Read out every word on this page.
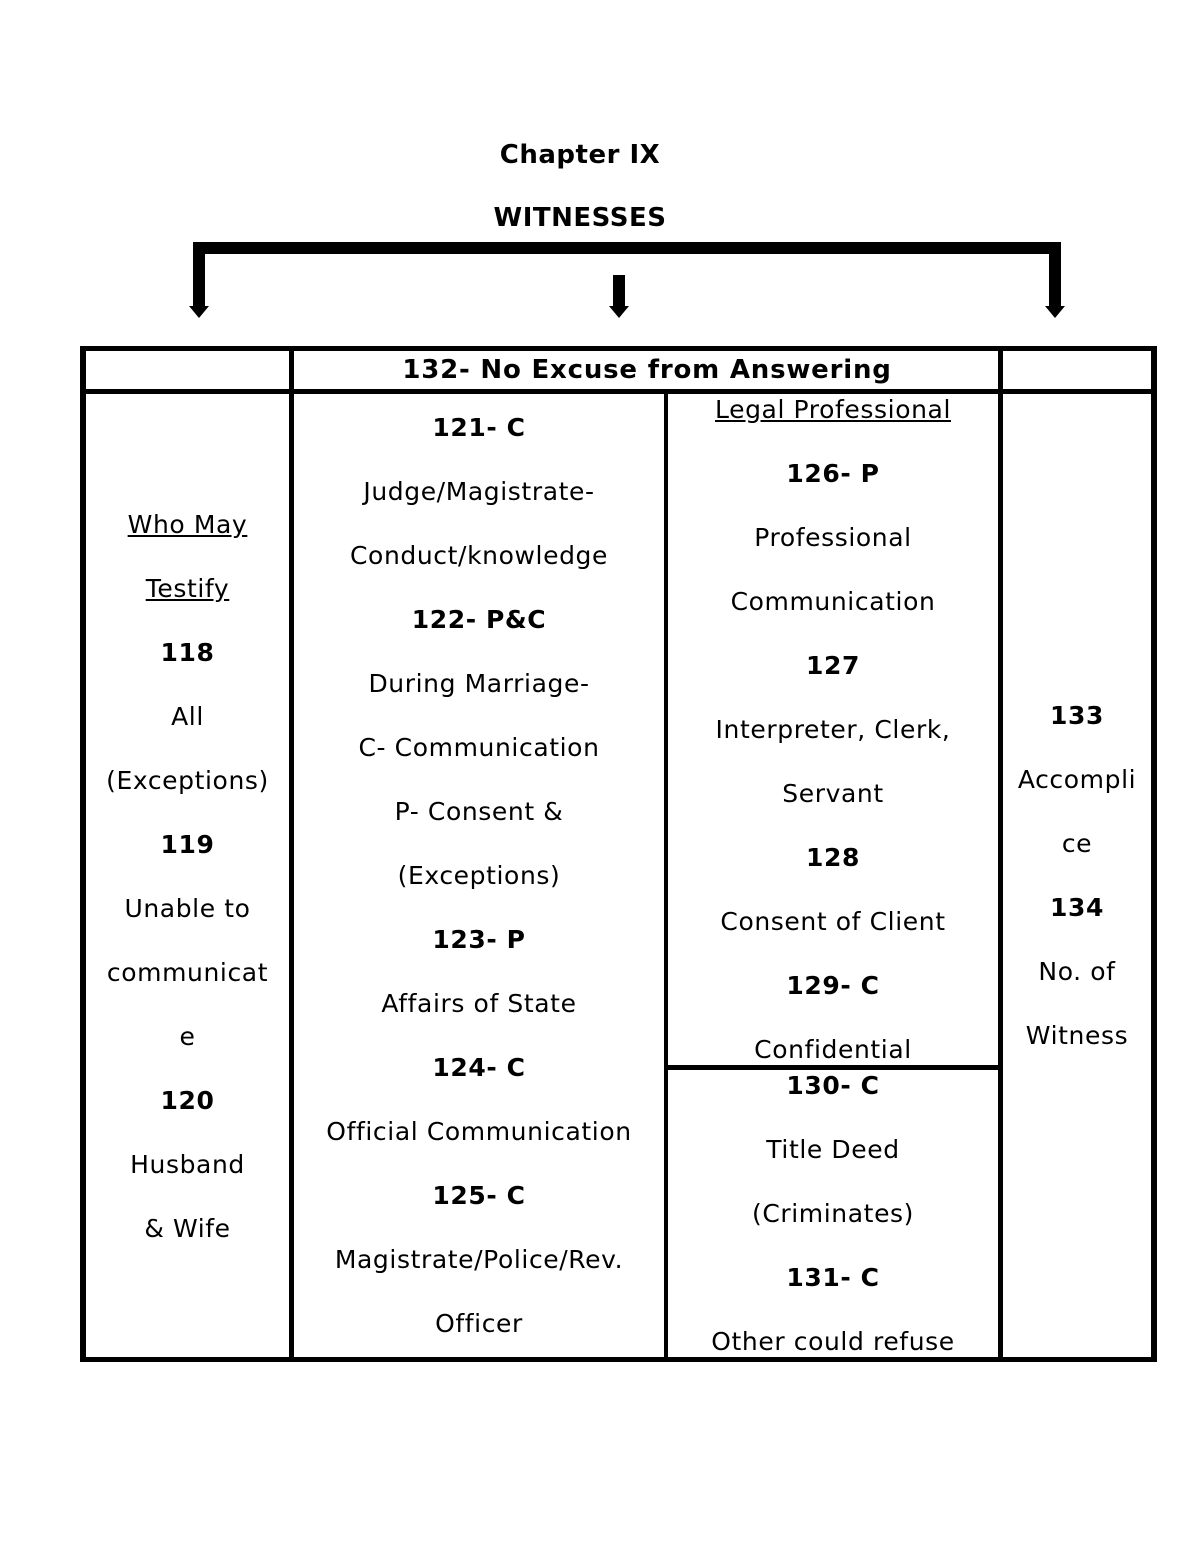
Chapter IX
WITNESSES
132- No Excuse from Answering
Who May
Testify
118
All
(Exceptions)
119
Unable to
communicat
e
120
Husband
& Wife
121- C
Judge/Magistrate-
Conduct/knowledge
122- P&C
During Marriage-
C- Communication
P- Consent &
(Exceptions)
123- P
Affairs of State
124- C
Official Communication
125- C
Magistrate/Police/Rev.
Officer
Legal Professional
126- P
Professional
Communication
127
Interpreter, Clerk,
Servant
128
Consent of Client
129- C
Confidential
130- C
Title Deed
(Criminates)
131- C
Other could refuse
133
Accompli
ce
134
No. of
Witness
